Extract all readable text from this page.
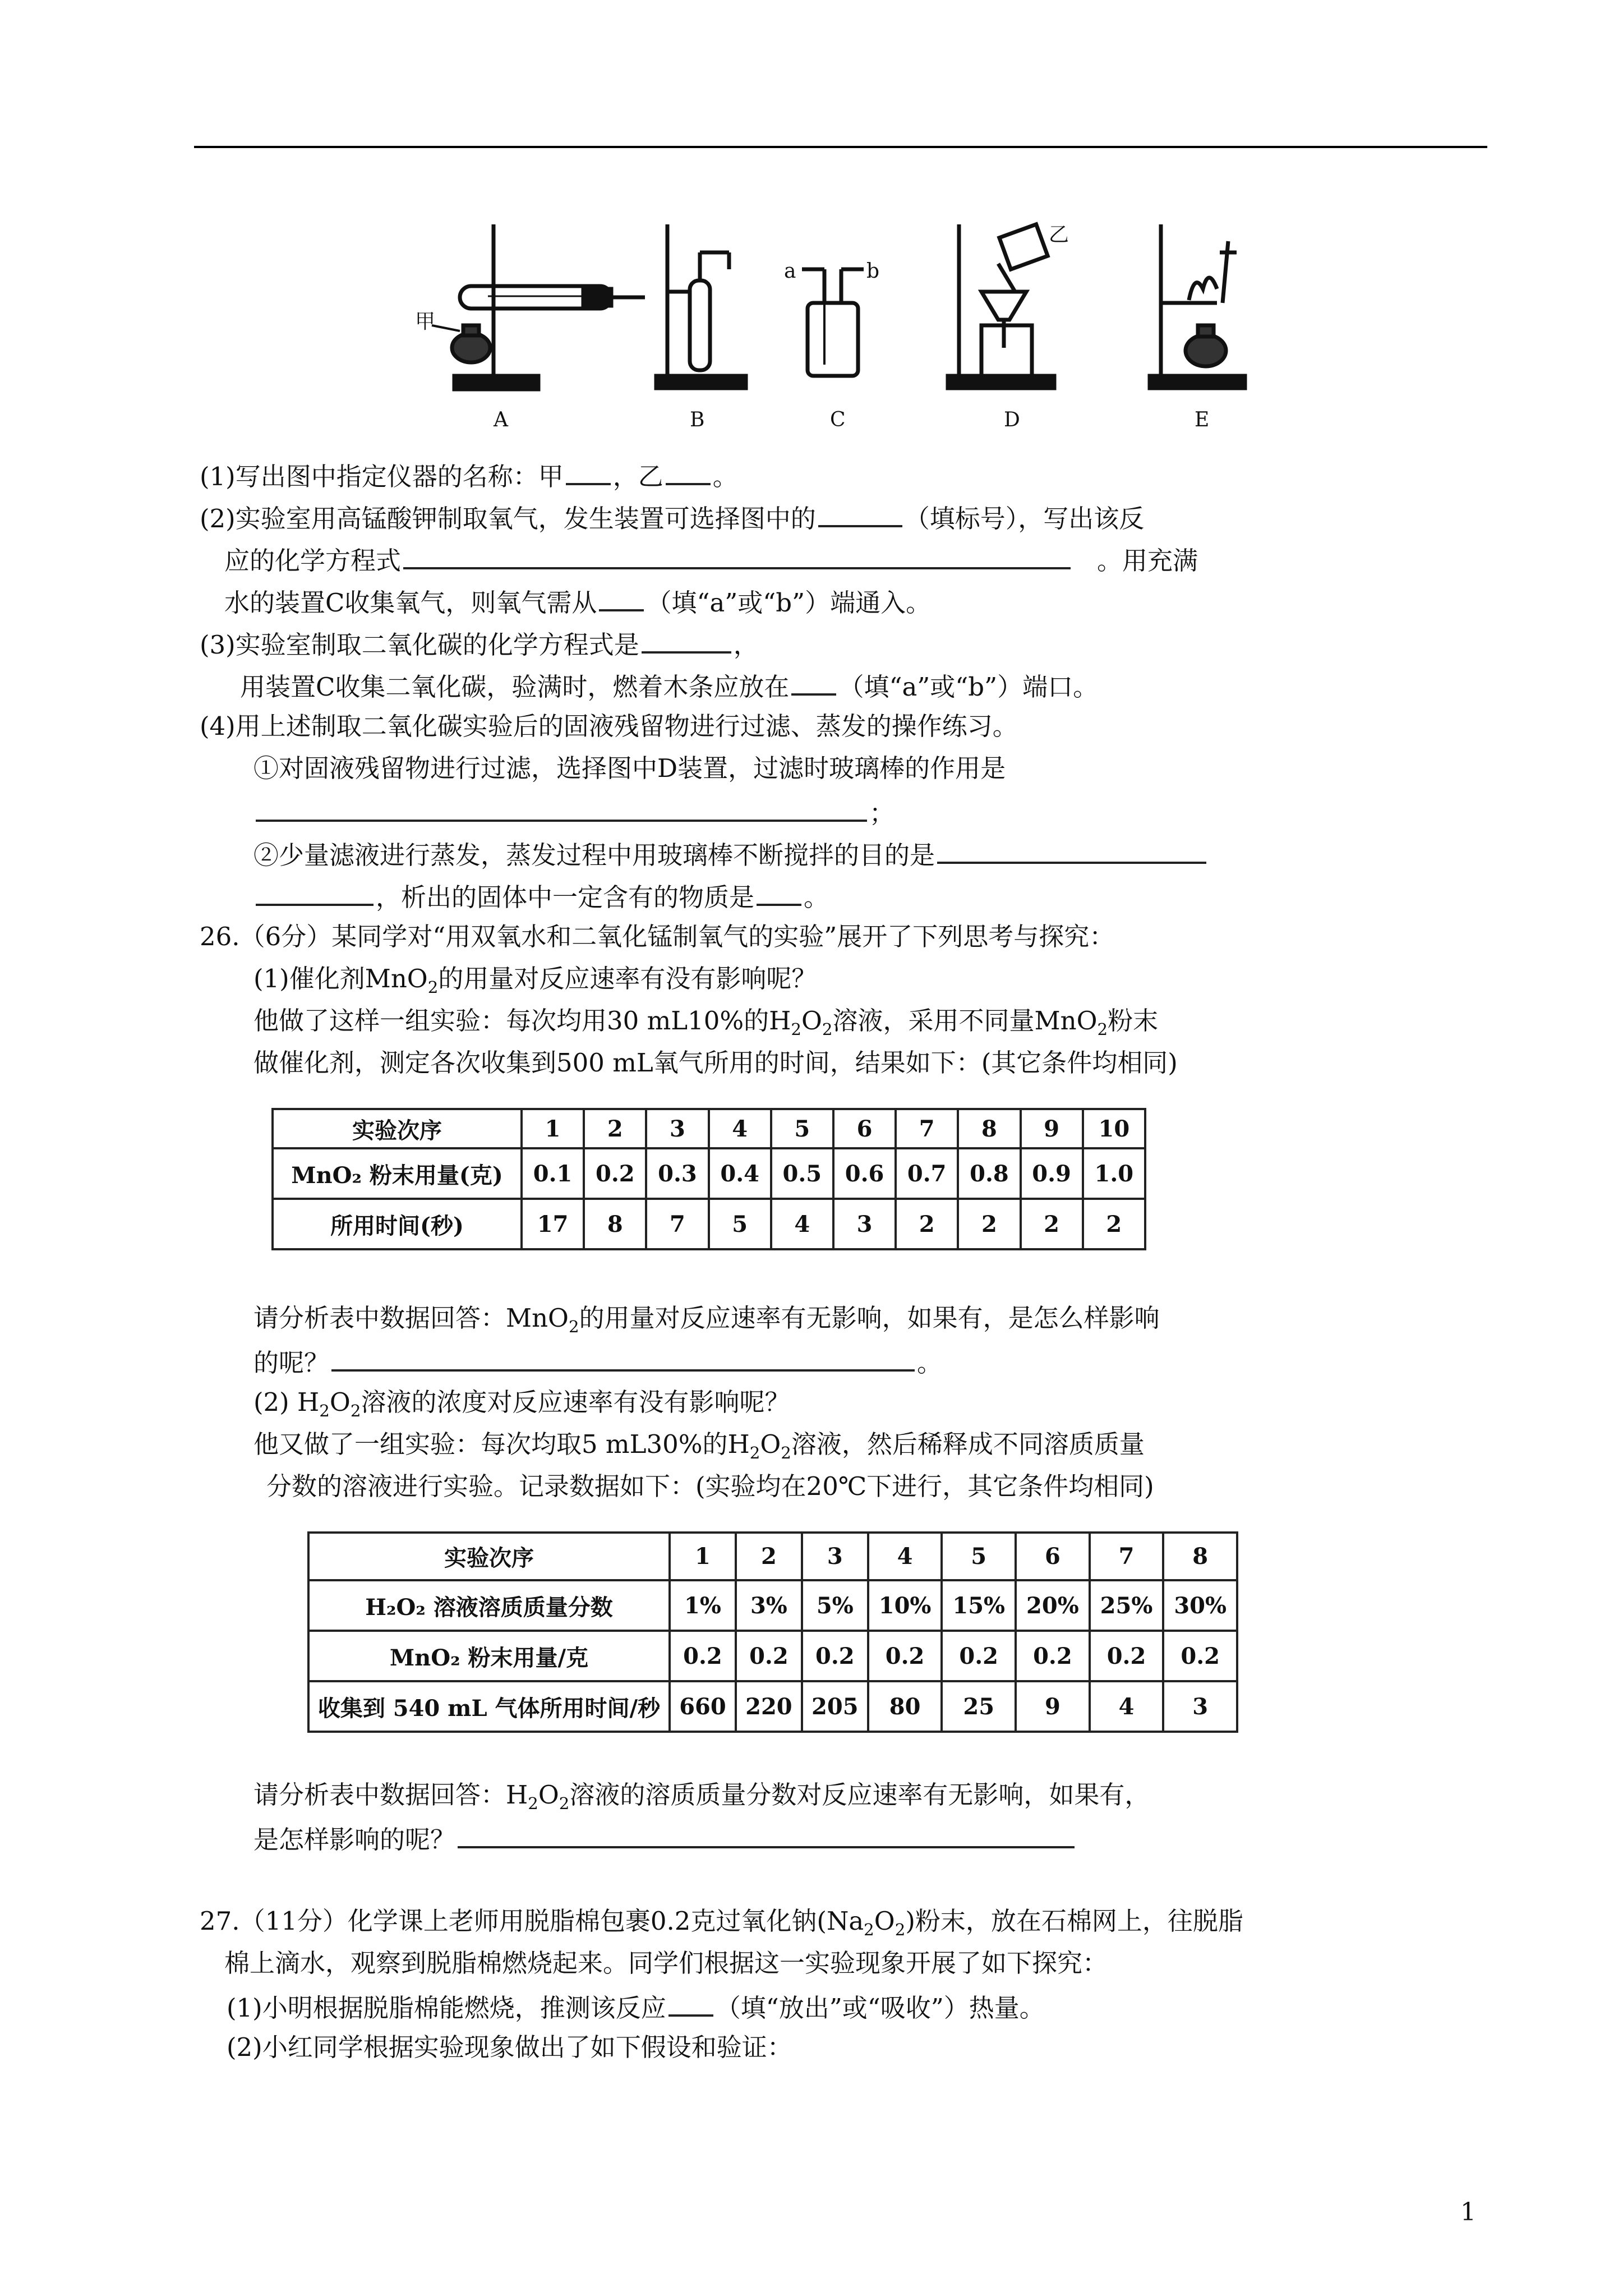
甲
乙
a	b
A	B	C	D	E
(1)写出图中指定仪器的名称：甲 ，乙 。
(2)实验室用高锰酸钾制取氧气，发生装置可选择图中的	（填标号），写出该反
应的化学方程式	。用充满
水的装置C收集氧气，则氧气需从 （填“a”或“b”）端通入。
(3)实验室制取二氧化碳的化学方程式是	，
用装置C收集二氧化碳，验满时，燃着木条应放在 （填“a”或“b”）端口。
(4)用上述制取二氧化碳实验后的固液残留物进行过滤、蒸发的操作练习。
①对固液残留物进行过滤，选择图中D装置，过滤时玻璃棒的作用是
；
②少量滤液进行蒸发，蒸发过程中用玻璃棒不断搅拌的目的是
，析出的固体中一定含有的物质是 。
26.（6分）某同学对“用双氧水和二氧化锰制氧气的实验”展开了下列思考与探究：
(1)催化剂MnO$_2$的用量对反应速率有没有影响呢？
他做了这样一组实验：每次均用30 mL10%的$H_2O_2$溶液，采用不同量MnO$_2$粉末
做催化剂，测定各次收集到500 mL氧气所用的时间，结果如下：(其它条件均相同)
实验次序	1	2	3	4	5	6	7	8	9	10
MnO₂ 粉末用量(克)	0.1	0.2	0.3	0.4	0.5	0.6	0.7	0.8	0.9	1.0
所用时间(秒)	17	8	7	5	4	3	2	2	2	2
请分析表中数据回答：MnO$_2$的用量对反应速率有无影响，如果有，是怎么样影响
的呢？	。
(2) $H_2O_2$溶液的浓度对反应速率有没有影响呢？
他又做了一组实验：每次均取5 mL30%的$H_2O_2$溶液，然后稀释成不同溶质质量
分数的溶液进行实验。记录数据如下：(实验均在20℃下进行，其它条件均相同)
实验次序	1	2	3	4	5	6	7	8
H₂O₂ 溶液溶质质量分数	1%	3%	5%	10%	15%	20%	25%	30%
MnO₂ 粉末用量/克	0.2	0.2	0.2	0.2	0.2	0.2	0.2	0.2
收集到 540 mL 气体所用时间/秒	660	220	205	80	25	9	4	3
请分析表中数据回答：$H_2O_2$溶液的溶质质量分数对反应速率有无影响，如果有，
是怎样影响的呢？
27.（11分）化学课上老师用脱脂棉包裹0.2克过氧化钠$(Na_2O_2)$粉末，放在石棉网上，往脱脂
棉上滴水，观察到脱脂棉燃烧起来。同学们根据这一实验现象开展了如下探究：
(1)小明根据脱脂棉能燃烧，推测该反应 （填“放出”或“吸收”）热量。
(2)小红同学根据实验现象做出了如下假设和验证：
1
